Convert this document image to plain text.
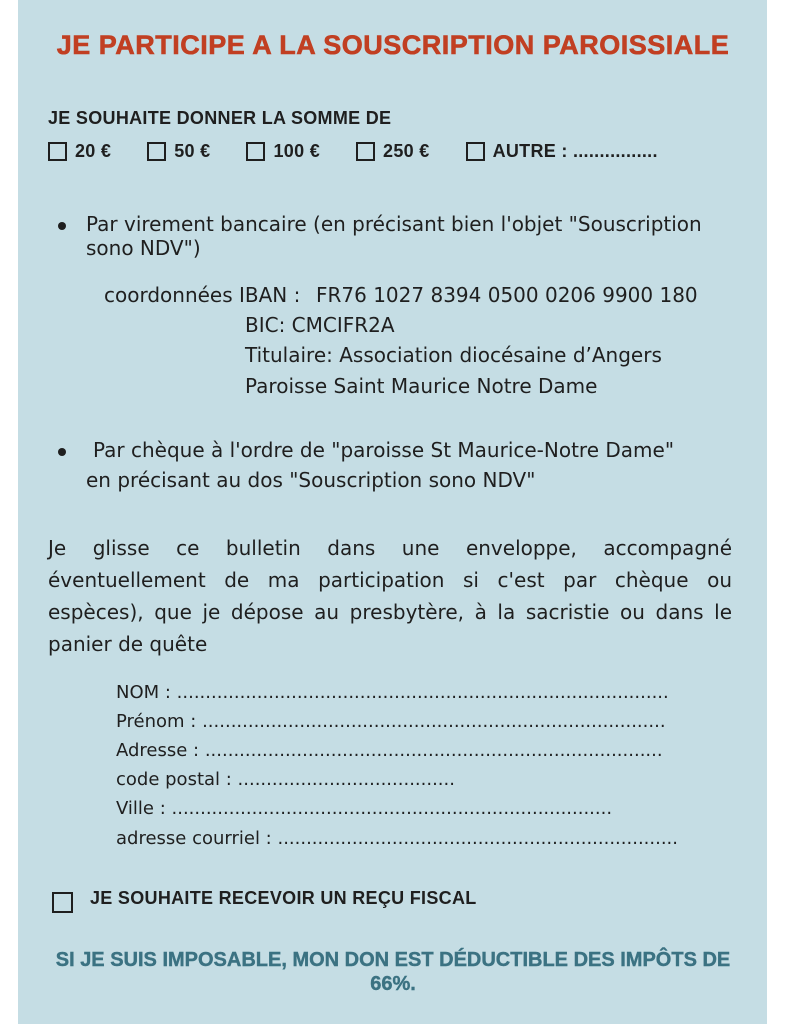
JE PARTICIPE A LA SOUSCRIPTION PAROISSIALE
JE SOUHAITE DONNER LA SOMME DE
20 €	50 €	100 €	250 €	AUTRE : ................
Par virement bancaire (en précisant bien l'objet "Souscription
sono NDV")
coordonnées IBAN : FR76 1027 8394 0500 0206 9900 180
BIC: CMCIFR2A
Titulaire: Association diocésaine d’Angers
Paroisse Saint Maurice Notre Dame
Par chèque à l'ordre de "paroisse St Maurice-Notre Dame"
en précisant au dos "Souscription sono NDV"
Je glisse ce bulletin dans une enveloppe, accompagné éventuellement de ma participation si c'est par chèque ou espèces), que je dépose au presbytère, à la sacristie ou dans le panier de quête
NOM : ......................................................................................
Prénom : .................................................................................
Adresse : ................................................................................
code postal : ......................................
Ville : .............................................................................
adresse courriel : ......................................................................
JE SOUHAITE RECEVOIR UN REÇU FISCAL
SI JE SUIS IMPOSABLE, MON DON EST DÉDUCTIBLE DES IMPÔTS DE 66%.
